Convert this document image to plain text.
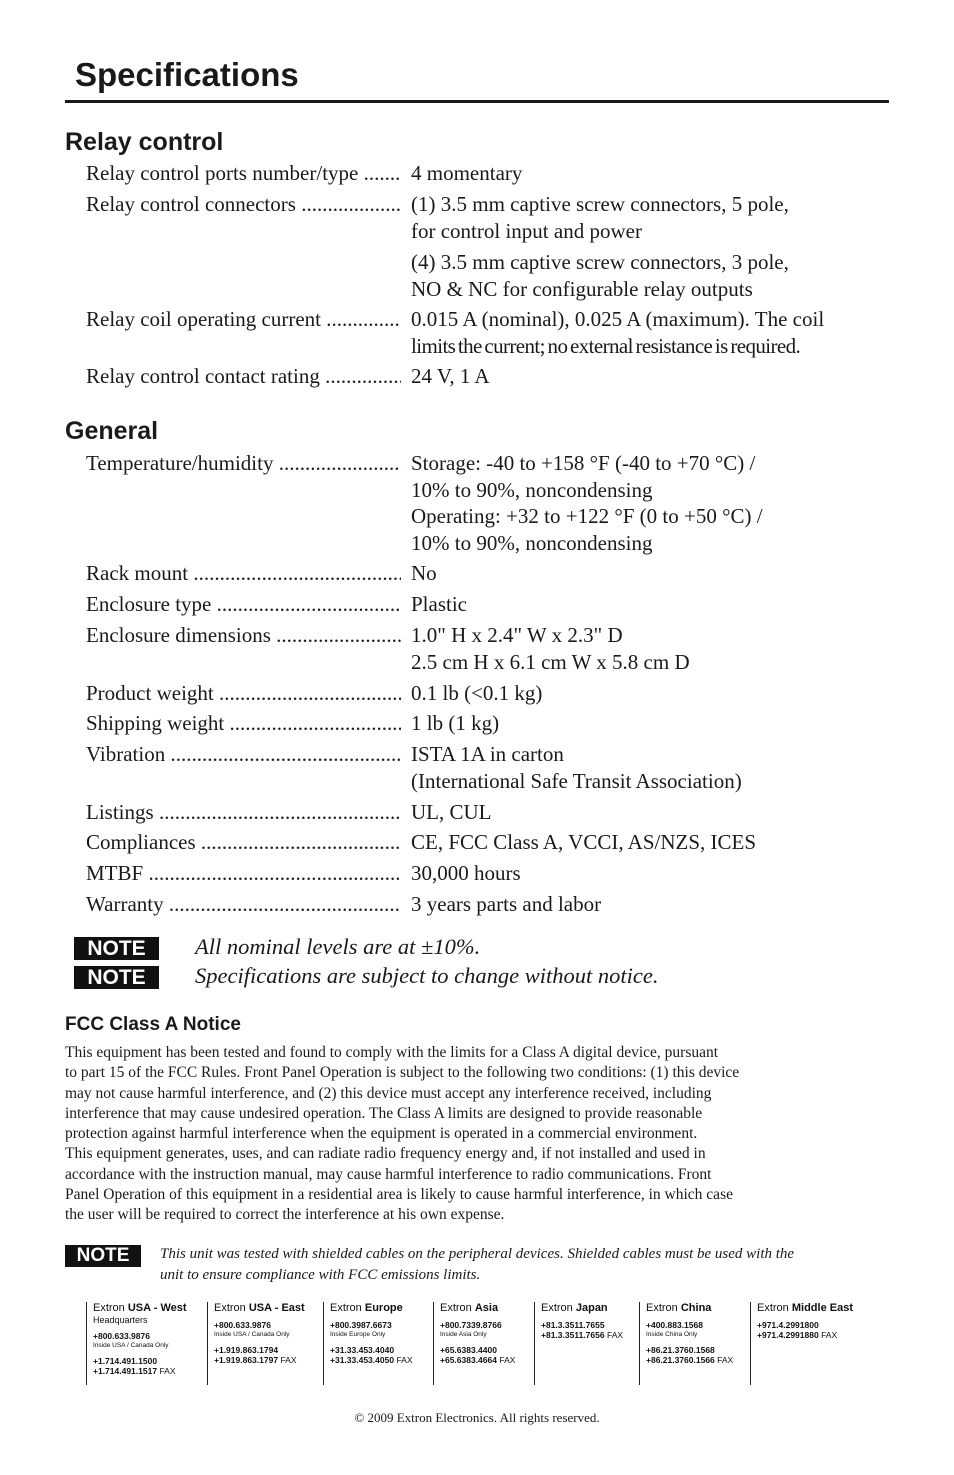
Specifications
Relay control
Relay control ports number/type .....	4 momentary
Relay control connectors .....	(1) 3.5 mm captive screw connectors, 5 pole,
for control input and power
(4) 3.5 mm captive screw connectors, 3 pole,
NO & NC for configurable relay outputs
Relay coil operating current .....	0.015 A (nominal), 0.025 A (maximum). The coil
limits the current; no external resistance is required.
Relay control contact rating .....	24 V, 1 A
General
Temperature/humidity .....	Storage: -40 to +158 °F (-40 to +70 °C) /
10% to 90%, noncondensing
Operating: +32 to +122 °F (0 to +50 °C) /
10% to 90%, noncondensing
Rack mount .....	No
Enclosure type .....	Plastic
Enclosure dimensions .....	1.0" H x 2.4" W x 2.3" D
2.5 cm H x 6.1 cm W x 5.8 cm D
Product weight .....	0.1 lb (<0.1 kg)
Shipping weight .....	1 lb (1 kg)
Vibration .....	ISTA 1A in carton
(International Safe Transit Association)
Listings .....	UL, CUL
Compliances .....	CE, FCC Class A, VCCI, AS/NZS, ICES
MTBF .....	30,000 hours
Warranty .....	3 years parts and labor
NOTE	All nominal levels are at ±10%.
NOTE	Specifications are subject to change without notice.
FCC Class A Notice
This equipment has been tested and found to comply with the limits for a Class A digital device, pursuant
to part 15 of the FCC Rules. Front Panel Operation is subject to the following two conditions: (1) this device
may not cause harmful interference, and (2) this device must accept any interference received, including
interference that may cause undesired operation. The Class A limits are designed to provide reasonable
protection against harmful interference when the equipment is operated in a commercial environment.
This equipment generates, uses, and can radiate radio frequency energy and, if not installed and used in
accordance with the instruction manual, may cause harmful interference to radio communications. Front
Panel Operation of this equipment in a residential area is likely to cause harmful interference, in which case
the user will be required to correct the interference at his own expense.
NOTE	This unit was tested with shielded cables on the peripheral devices. Shielded cables must be used with the
unit to ensure compliance with FCC emissions limits.
Extron USA - West
Headquarters
+800.633.9876
Inside USA / Canada Only
+1.714.491.1500
+1.714.491.1517 FAX
Extron USA - East
+800.633.9876
Inside USA / Canada Only
+1.919.863.1794
+1.919.863.1797 FAX
Extron Europe
+800.3987.6673
Inside Europe Only
+31.33.453.4040
+31.33.453.4050 FAX
Extron Asia
+800.7339.8766
Inside Asia Only
+65.6383.4400
+65.6383.4664 FAX
Extron Japan
+81.3.3511.7655
+81.3.3511.7656 FAX
Extron China
+400.883.1568
Inside China Only
+86.21.3760.1568
+86.21.3760.1566 FAX
Extron Middle East
+971.4.2991800
+971.4.2991880 FAX
© 2009 Extron Electronics. All rights reserved.
